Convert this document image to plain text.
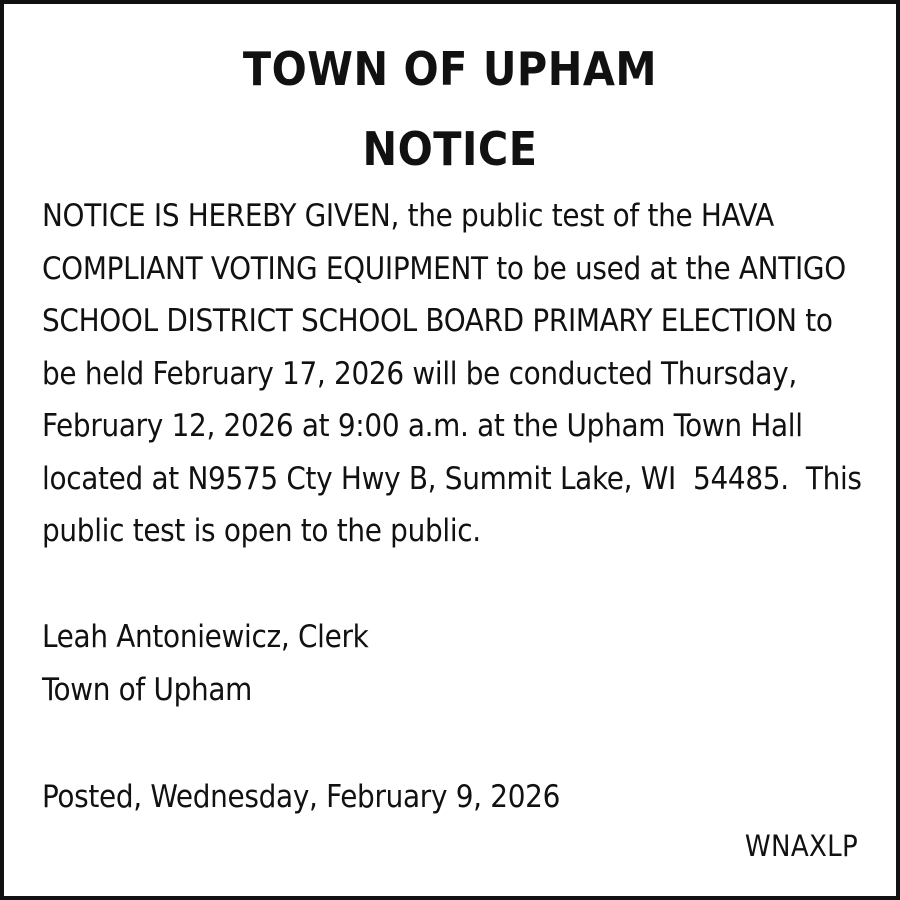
TOWN OF UPHAM
NOTICE
NOTICE IS HEREBY GIVEN, the public test of the HAVA
COMPLIANT VOTING EQUIPMENT to be used at the ANTIGO
SCHOOL DISTRICT SCHOOL BOARD PRIMARY ELECTION to
be held February 17, 2026 will be conducted Thursday,
February 12, 2026 at 9:00 a.m. at the Upham Town Hall
located at N9575 Cty Hwy B, Summit Lake, WI  54485.  This
public test is open to the public.
Leah Antoniewicz, Clerk
Town of Upham
Posted, Wednesday, February 9, 2026
WNAXLP
